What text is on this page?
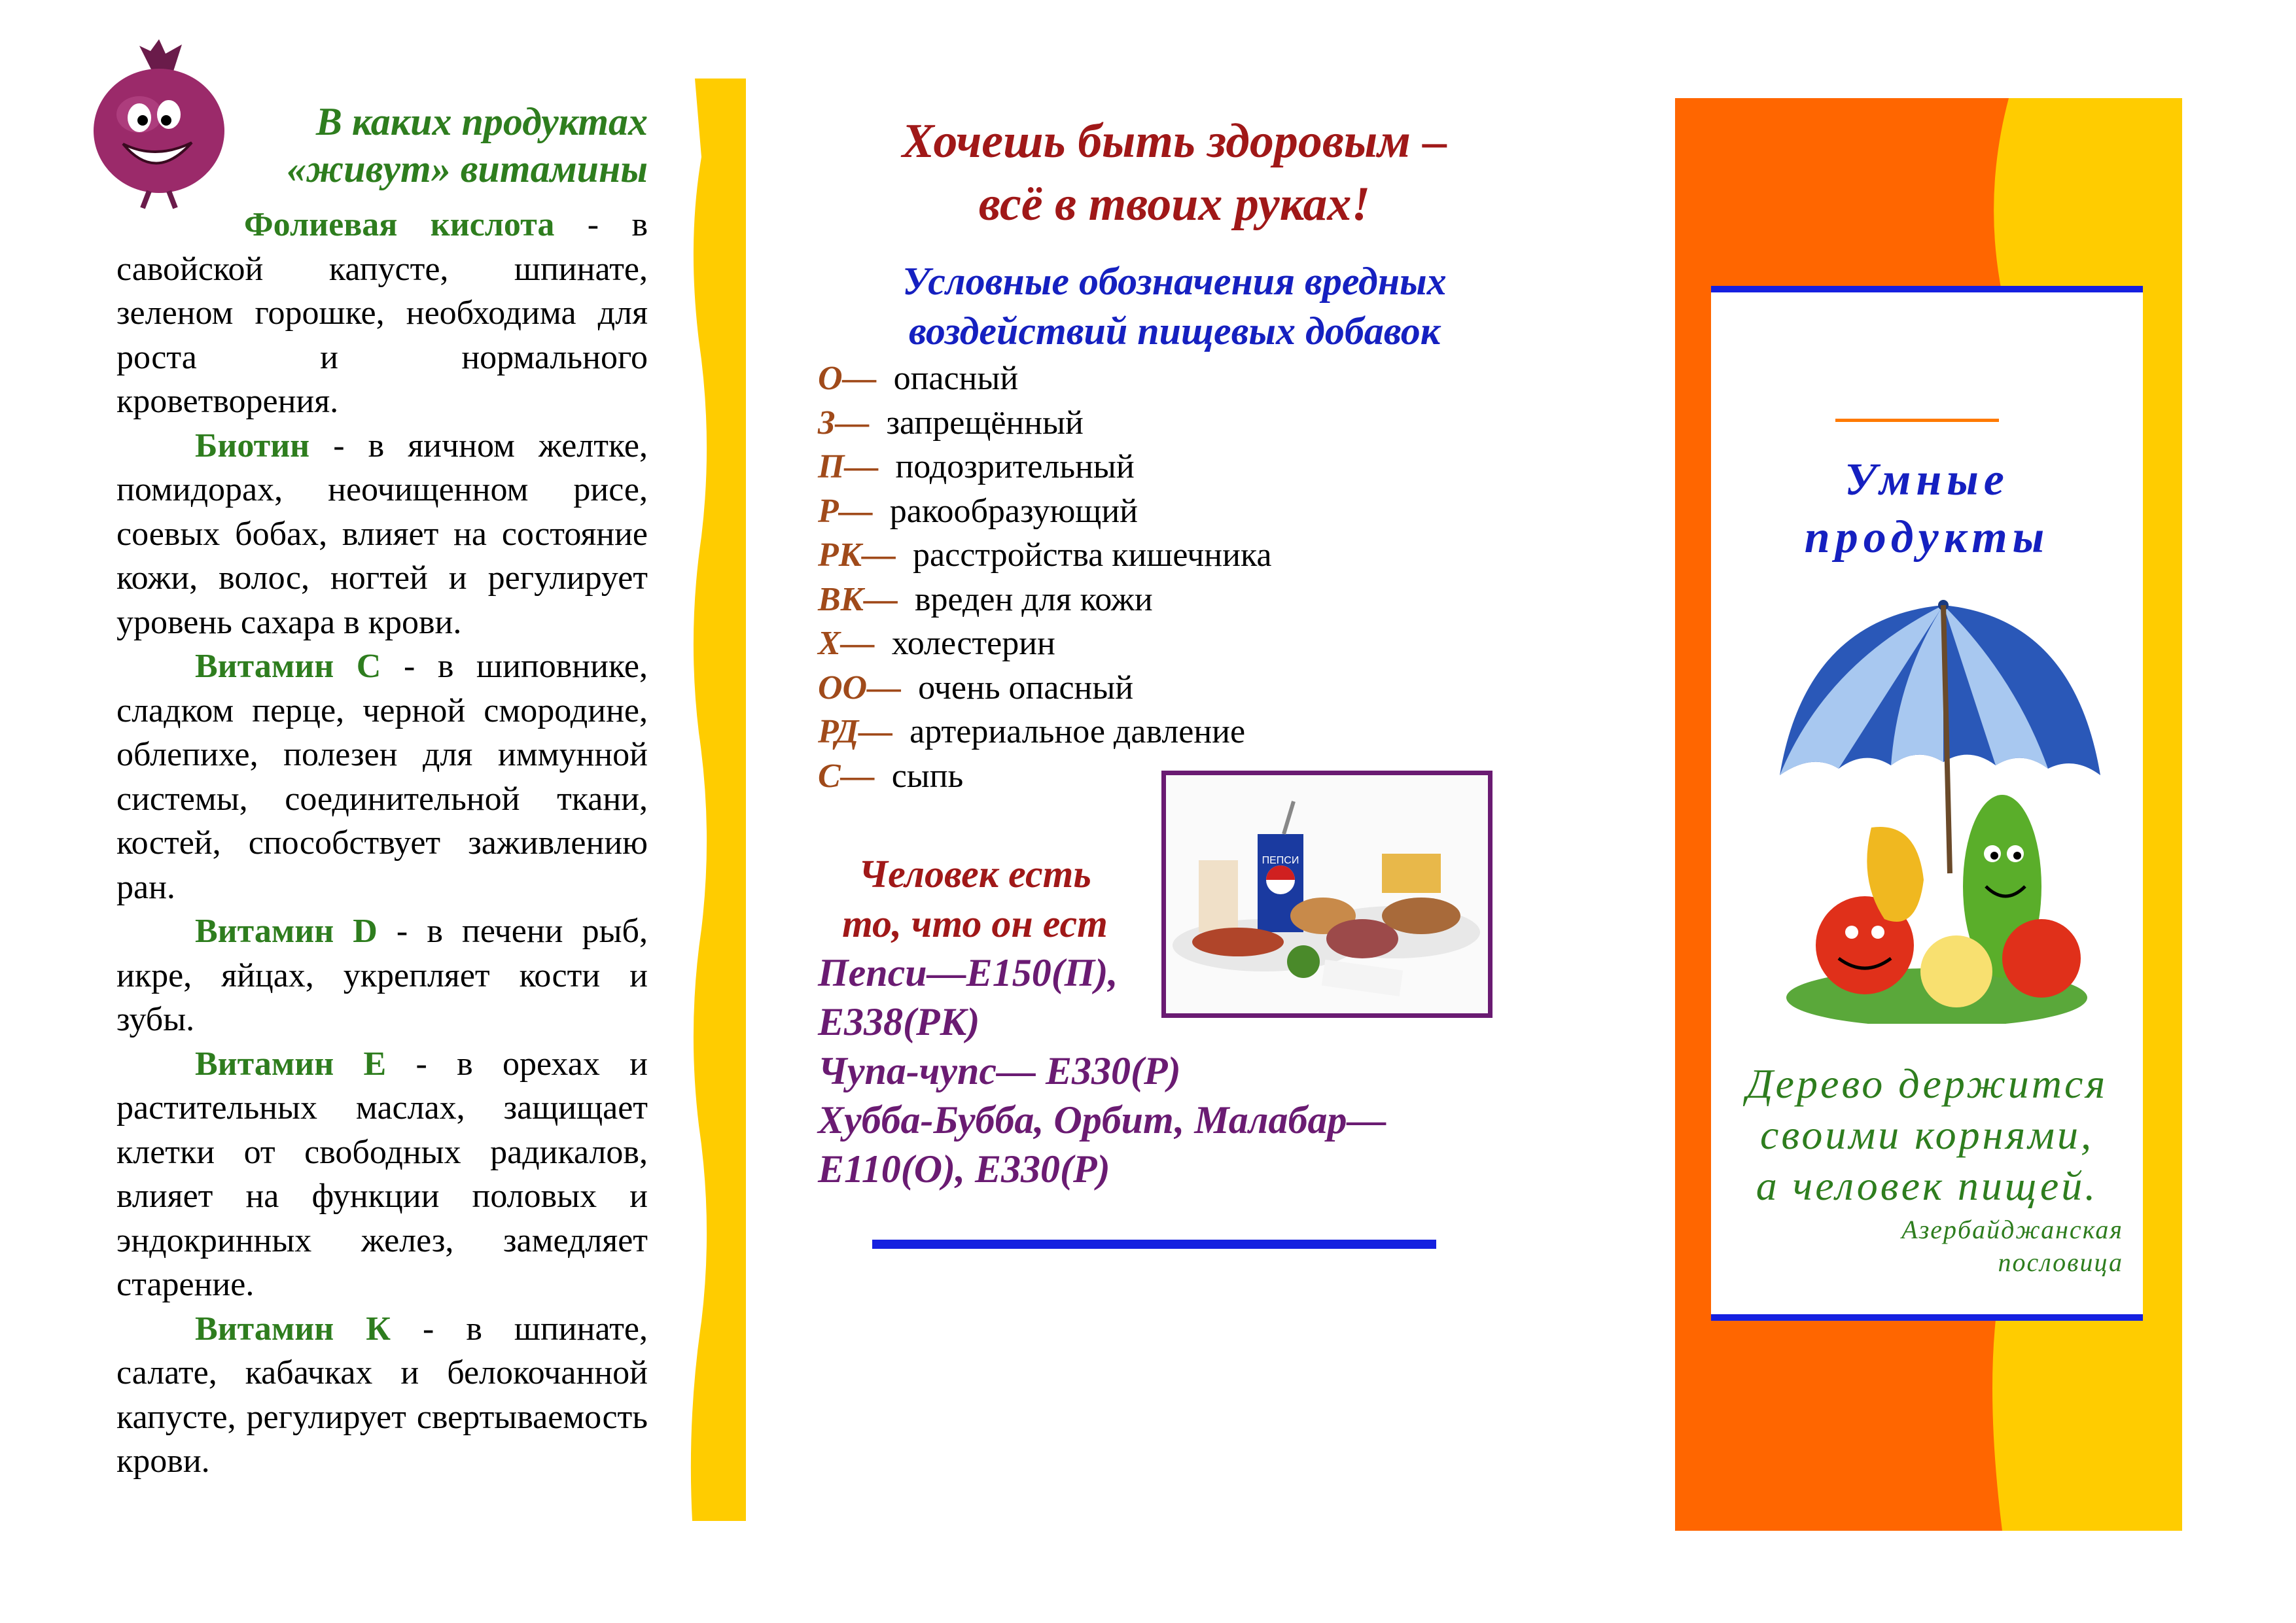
В каких продуктах
«живут» витамины

Фолиевая кислота - в савойской капусте, шпинате, зеленом горошке, необходима для роста и нормального кроветворения.

Биотин - в яичном желтке, помидорах, неочищенном рисе, соевых бобах, влияет на состояние кожи, волос, ногтей и регулирует уровень сахара в крови.

Витамин С - в шиповнике, сладком перце, черной смородине, облепихе, полезен для иммунной системы, соединительной ткани, костей, способствует заживлению ран.

Витамин D - в печени рыб, икре, яйцах, укрепляет кости и зубы.

Витамин Е - в орехах и растительных маслах, защищает клетки от свободных радикалов, влияет на функции половых и эндокринных желез, замедляет старение.

Витамин К - в шпинате, салате, кабачках и белокочанной капусте, регулирует свертываемость крови.

Хочешь быть здоровым –
всё в твоих руках!
Условные обозначения вредных
воздействий пищевых добавок
О— опасный
З— запрещённый
П— подозрительный
Р— ракообразующий
РК— расстройства кишечника
ВК— вреден для кожи
Х— холестерин
ОО— очень опасный
РД— артериальное давление
С— сыпь
ПЕПСИ
Человек есть
то, что он ест
Пепси—Е150(П),
Е338(РК)
Чупа-чупс— Е330(Р)
Хубба-Бубба, Орбит, Малабар—
Е110(О), Е330(Р)
Умные
продукты
Дерево держится
своими корнями,
а человек пищей.
Азербайджанская
пословица
